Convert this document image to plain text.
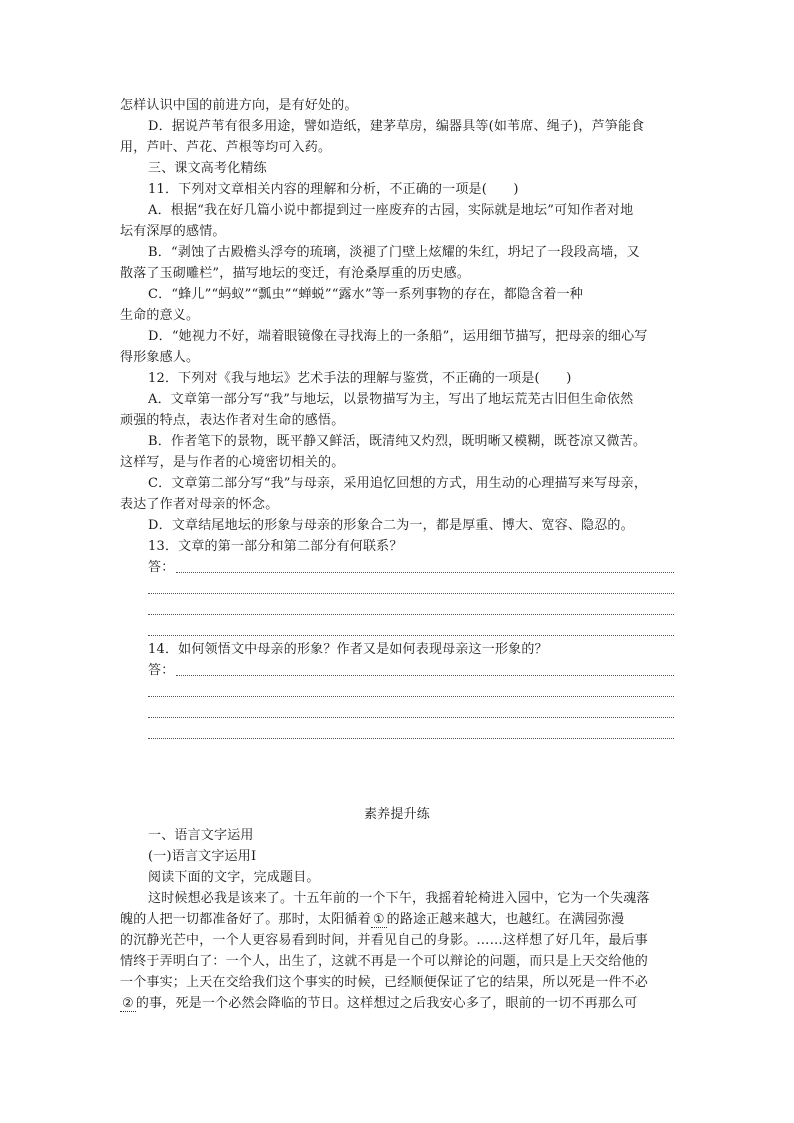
怎样认识中国的前进方向，是有好处的。
D．据说芦苇有很多用途，譬如造纸，建茅草房，编器具等(如苇席、绳子)，芦笋能食
用，芦叶、芦花、芦根等均可入药。
三、课文高考化精练
11．下列对文章相关内容的理解和分析，不正确的一项是(　　)
A．根据“我在好几篇小说中都提到过一座废弃的古园，实际就是地坛”可知作者对地
坛有深厚的感情。
B．“剥蚀了古殿檐头浮夸的琉璃，淡褪了门壁上炫耀的朱红，坍圮了一段段高墙，又
散落了玉砌雕栏”，描写地坛的变迁，有沧桑厚重的历史感。
C．“蜂儿”“蚂蚁”“瓢虫”“蝉蜕”“露水”等一系列事物的存在，都隐含着一种
生命的意义。
D．“她视力不好，端着眼镜像在寻找海上的一条船”，运用细节描写，把母亲的细心写
得形象感人。
12．下列对《我与地坛》艺术手法的理解与鉴赏，不正确的一项是(　　)
A．文章第一部分写“我”与地坛，以景物描写为主，写出了地坛荒芜古旧但生命依然
顽强的特点，表达作者对生命的感悟。
B．作者笔下的景物，既平静又鲜活，既清纯又灼烈，既明晰又模糊，既苍凉又微苦。
这样写，是与作者的心境密切相关的。
C．文章第二部分写“我”与母亲，采用追忆回想的方式，用生动的心理描写来写母亲，
表达了作者对母亲的怀念。
D．文章结尾地坛的形象与母亲的形象合二为一，都是厚重、博大、宽容、隐忍的。
13．文章的第一部分和第二部分有何联系？
答：
14．如何领悟文中母亲的形象？作者又是如何表现母亲这一形象的？
答：
素养提升练
一、语言文字运用
(一)语言文字运用Ⅰ
阅读下面的文字，完成题目。
这时候想必我是该来了。十五年前的一个下午，我摇着轮椅进入园中，它为一个失魂落
魄的人把一切都准备好了。那时，太阳循着 ① 的路途正越来越大，也越红。在满园弥漫
的沉静光芒中，一个人更容易看到时间，并看见自己的身影。……这样想了好几年，最后事
情终于弄明白了：一个人，出生了，这就不再是一个可以辩论的问题，而只是上天交给他的
一个事实；上天在交给我们这个事实的时候，已经顺便保证了它的结果，所以死是一件不必
② 的事，死是一个必然会降临的节日。这样想过之后我安心多了，眼前的一切不再那么可
